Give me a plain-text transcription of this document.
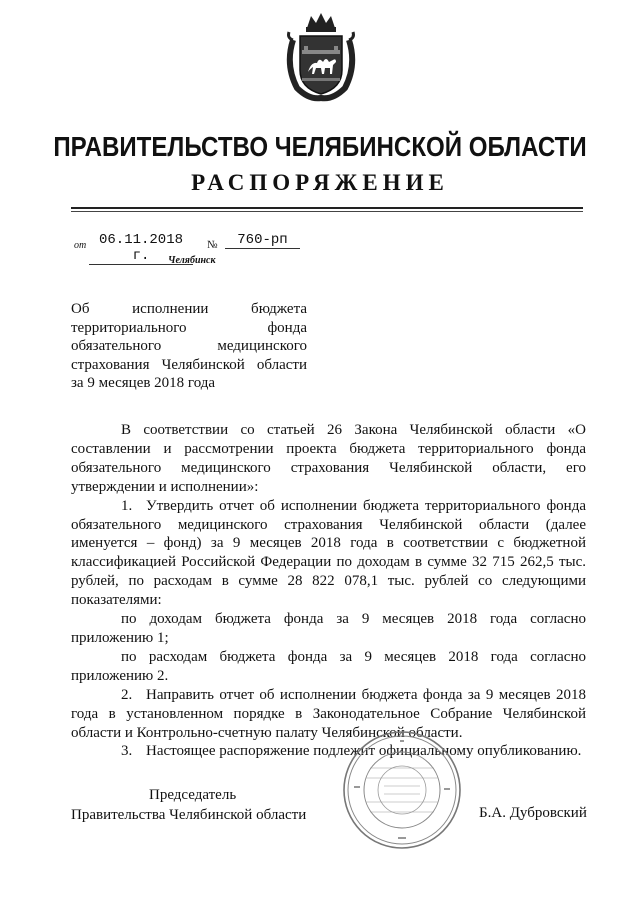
ПРАВИТЕЛЬСТВО ЧЕЛЯБИНСКОЙ ОБЛАСТИ
РАСПОРЯЖЕНИЕ
от 06.11.2018 г.
№	760-рп
Челябинск
Об исполнении бюджета
территориального фонда
обязательного медицинского
страхования Челябинской области
за 9 месяцев 2018 года

В соответствии со статьей 26 Закона Челябинской области «О составлении и рассмотрении проекта бюджета территориального фонда обязательного медицинского страхования Челябинской области, его утверждении и исполнении»:

1. Утвердить отчет об исполнении бюджета территориального фонда обязательного медицинского страхования Челябинской области (далее именуется – фонд) за 9 месяцев 2018 года в соответствии с бюджетной классификацией Российской Федерации по доходам в сумме 32 715 262,5 тыс. рублей, по расходам в сумме 28 822 078,1 тыс. рублей со следующими показателями:

по доходам бюджета фонда за 9 месяцев 2018 года согласно приложению 1;

по расходам бюджета фонда за 9 месяцев 2018 года согласно приложению 2.

2. Направить отчет об исполнении бюджета фонда за 9 месяцев 2018 года в установленном порядке в Законодательное Собрание Челябинской области и Контрольно-счетную палату Челябинской области.

3. Настоящее распоряжение подлежит официальному опубликованию.

Председатель
Правительства Челябинской области	Б.А. Дубровский
